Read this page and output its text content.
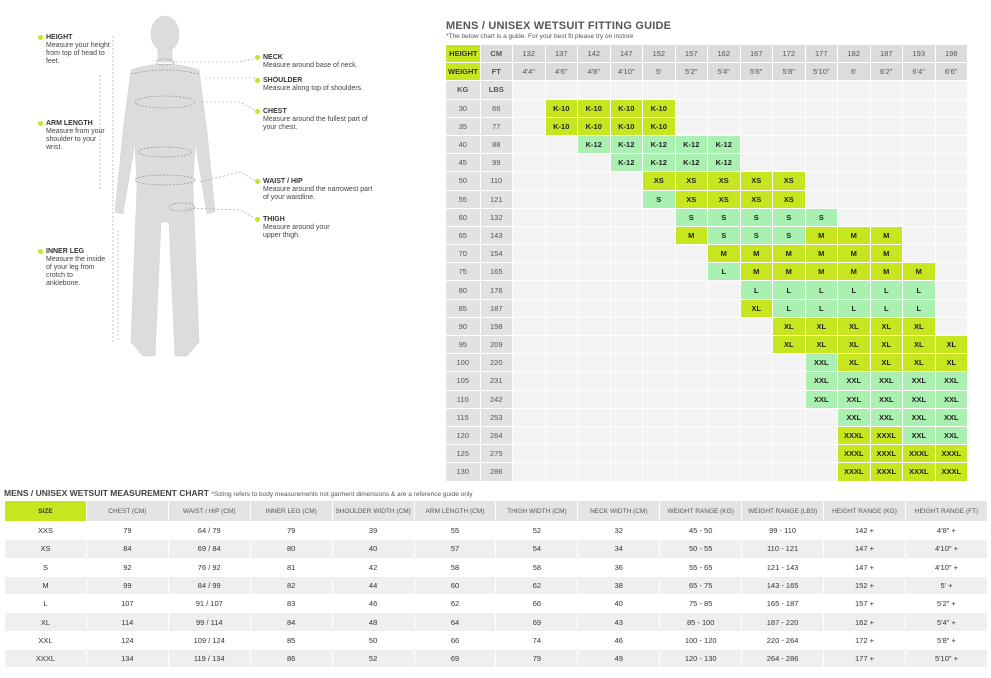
HEIGHT
Measure your height from top of head to feet.
ARM LENGTH
Measure from your shoulder to your wrist.
INNER LEG
Measure the inside of your leg from crotch to anklebone.
NECK
Measure around base of neck.
SHOULDER
Measure along top of shoulders.
CHEST
Measure around the fullest part of your chest.
WAIST / HIP
Measure around the narrowest part of your waistline.
THIGH
Measure around your upper thigh.
MENS / UNISEX WETSUIT FITTING GUIDE
*The below chart is a guide. For your best fit please try on instore
HEIGHT	CM	132	137	142	147	152	157	162	167	172	177	182	187	193	198
WEIGHT	FT	4'4"	4'6"	4'8"	4'10"	5'	5'2"	5'4"	5'6"	5'8"	5'10"	6'	6'2"	6'4"	6'6"
KG	LBS														
30	66		K-10	K-10	K-10	K-10									
35	77		K-10	K-10	K-10	K-10									
40	88			K-12	K-12	K-12	K-12	K-12							
45	99				K-12	K-12	K-12	K-12							
50	110					XS	XS	XS	XS	XS					
55	121					S	XS	XS	XS	XS					
60	132						S	S	S	S	S				
65	143						M	S	S	S	M	M	M		
70	154							M	M	M	M	M	M		
75	165							L	M	M	M	M	M	M	
80	176								L	L	L	L	L	L	
85	187								XL	L	L	L	L	L	
90	198									XL	XL	XL	XL	XL	
95	209									XL	XL	XL	XL	XL	XL
100	220										XXL	XL	XL	XL	XL
105	231										XXL	XXL	XXL	XXL	XXL
110	242										XXL	XXL	XXL	XXL	XXL
115	253											XXL	XXL	XXL	XXL
120	264											XXXL	XXXL	XXL	XXL
125	275											XXXL	XXXL	XXXL	XXXL
130	286											XXXL	XXXL	XXXL	XXXL
MENS / UNISEX WETSUIT MEASUREMENT CHART *Sizing refers to body measurements not garment dimensions & are a reference guide only
SIZE	CHEST (CM)	WAIST / HIP (CM)	INNER LEG (CM)	SHOULDER WIDTH (CM)	ARM LENGTH (CM)	THIGH WIDTH (CM)	NECK WIDTH (CM)	WEIGHT RANGE (KG)	WEIGHT RANGE (LBS)	HEIGHT RANGE (KG)	HEIGHT RANGE (FT)
XXS	79	64 / 79	79	39	55	52	32	45 - 50	99 - 110	142 +	4'8" +
XS	84	69 / 84	80	40	57	54	34	50 - 55	110 - 121	147 +	4'10" +
S	92	76 / 92	81	42	58	58	36	55 - 65	121 - 143	147 +	4'10" +
M	99	84 / 99	82	44	60	62	38	65 - 75	143 - 165	152 +	5' +
L	107	91 / 107	83	46	62	66	40	75 - 85	165 - 187	157 +	5'2" +
XL	114	99 / 114	84	48	64	69	43	85 - 100	187 - 220	162 +	5'4" +
XXL	124	109 / 124	85	50	66	74	46	100 - 120	220 - 264	172 +	5'8" +
XXXL	134	119 / 134	86	52	69	79	49	120 - 130	264 - 286	177 +	5'10" +
